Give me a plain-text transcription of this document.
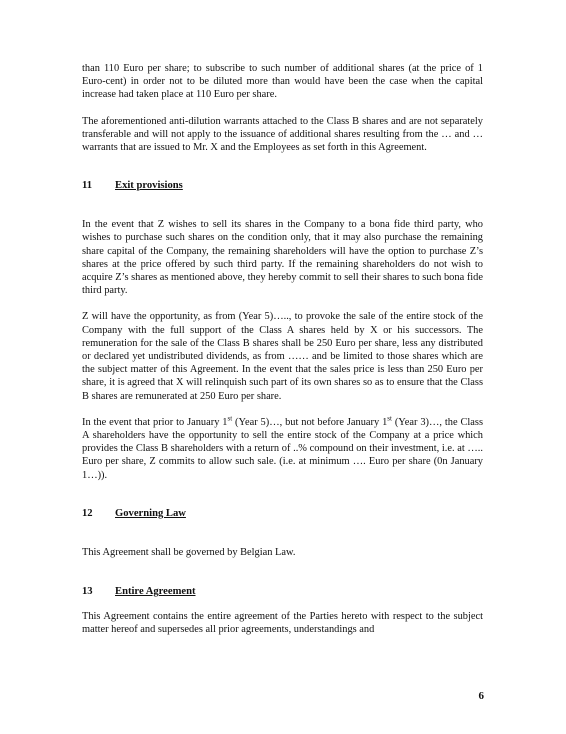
than 110 Euro per share; to subscribe to such number of additional shares (at the price of 1 Euro-cent) in order not to be diluted more than would have been the case when the capital increase had taken place at 110 Euro per share.

The aforementioned anti-dilution warrants attached to the Class B shares and are not separately transferable and will not apply to the issuance of additional shares resulting from the … and … warrants that are issued to Mr. X and the Employees as set forth in this Agreement.

11	Exit provisions

In the event that Z wishes to sell its shares in the Company to a bona fide third party, who wishes to purchase such shares on the condition only, that it may also purchase the remaining share capital of the Company, the remaining shareholders will have the option to purchase Z’s shares at the price offered by such third party. If the remaining shareholders do not wish to acquire Z’s shares as mentioned above, they hereby commit to sell their shares to such bona fide third party.

Z will have the opportunity, as from (Year 5)….., to provoke the sale of the entire stock of the Company with the full support of the Class A shares held by X or his successors. The remuneration for the sale of the Class B shares shall be 250 Euro per share, less any distributed or declared yet undistributed dividends, as from …… and be limited to those shares which are the subject matter of this Agreement. In the event that the sales price is less than 250 Euro per share, it is agreed that X will relinquish such part of its own shares so as to ensure that the Class B shares are remunerated at 250 Euro per share.

In the event that prior to January 1st (Year 5)…, but not before January 1st (Year 3)…, the Class A shareholders have the opportunity to sell the entire stock of the Company at a price which provides the Class B shareholders with a return of ..% compound on their investment, i.e. at ….. Euro per share, Z commits to allow such sale. (i.e. at minimum …. Euro per share (0n January 1…)).

12	Governing Law

This Agreement shall be governed by Belgian Law.

13	Entire Agreement

This Agreement contains the entire agreement of the Parties hereto with respect to the subject matter hereof and supersedes all prior agreements, understandings and

6
